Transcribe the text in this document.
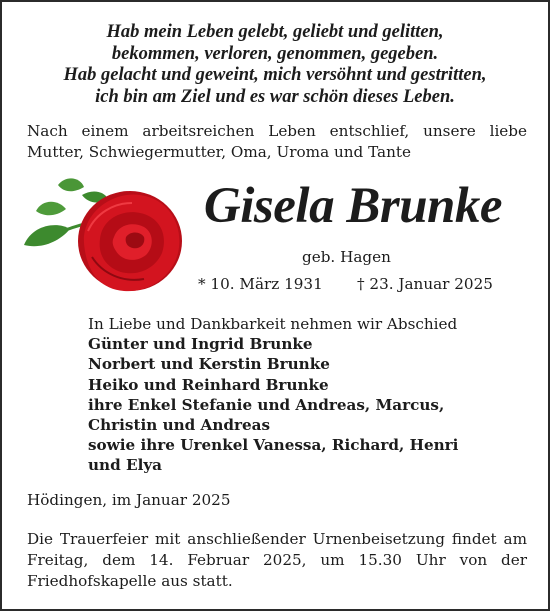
Hab mein Leben gelebt, geliebt und gelitten,
bekommen, verloren, genommen, gegeben.
Hab gelacht und geweint, mich versöhnt und gestritten,
ich bin am Ziel und es war schön dieses Leben.
Nach einem arbeitsreichen Leben entschlief, unsere liebe Mutter, Schwiegermutter, Oma, Uroma und Tante
Gisela Brunke
geb. Hagen
* 10. März 1931 † 23. Januar 2025
In Liebe und Dankbarkeit nehmen wir Abschied
Günter und Ingrid Brunke
Norbert und Kerstin Brunke
Heiko und Reinhard Brunke
ihre Enkel Stefanie und Andreas, Marcus,
Christin und Andreas
sowie ihre Urenkel Vanessa, Richard, Henri
und Elya
Hödingen, im Januar 2025
Die Trauerfeier mit anschließender Urnenbeisetzung findet am Freitag, dem 14. Februar 2025, um 15.30 Uhr von der Friedhofskapelle aus statt.
